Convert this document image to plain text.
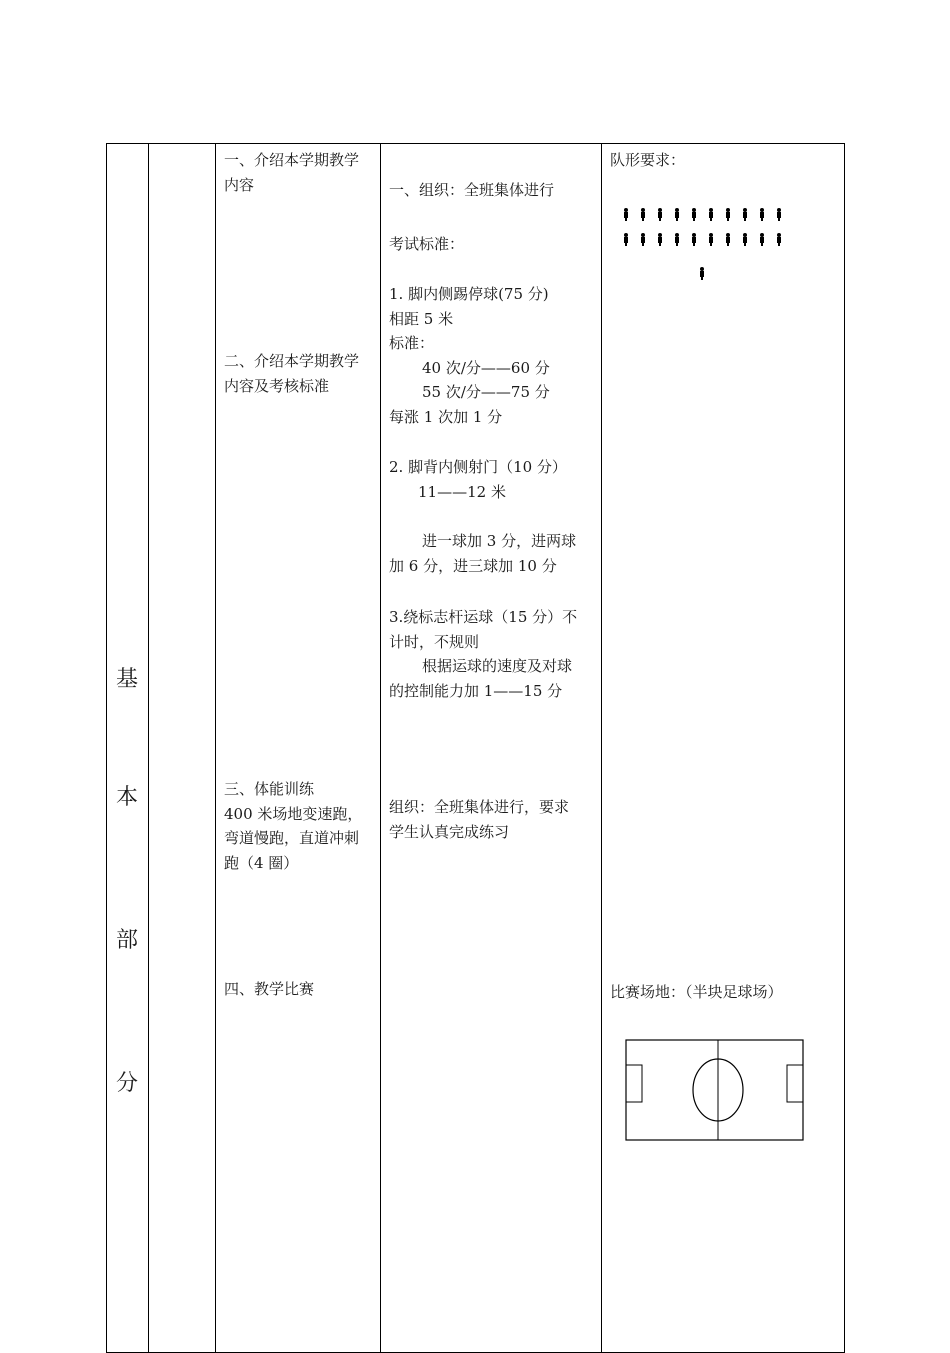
基
本
部
分
一、介绍本学期教学
内容
二、介绍本学期教学
内容及考核标准
三、体能训练
400 米场地变速跑，
弯道慢跑，直道冲刺
跑（4 圈）
四、教学比赛
一、组织：全班集体进行
考试标准：
1. 脚内侧踢停球(75 分)
相距 5 米
标准：
40 次/分——60 分
55 次/分——75 分
每涨 1 次加 1 分
2. 脚背内侧射门（10 分）
11——12 米
进一球加 3 分，进两球
加 6 分，进三球加 10 分
3.绕标志杆运球（15 分）不
计时，不规则
根据运球的速度及对球
的控制能力加 1——15 分
组织：全班集体进行，要求
学生认真完成练习
队形要求：
比赛场地：（半块足球场）
